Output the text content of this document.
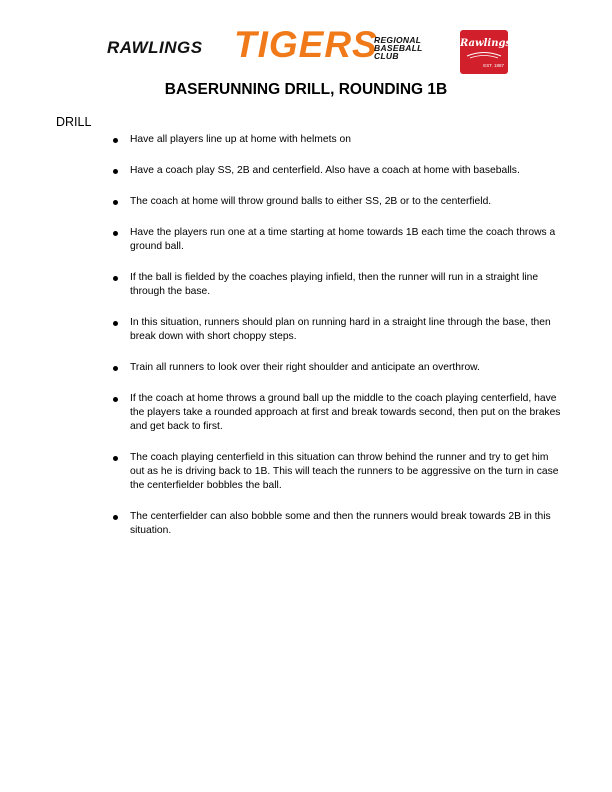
RAWLINGS TIGERS
REGIONAL
BASEBALL
CLUB
Rawlings
EST. 1887
BASERUNNING DRILL, ROUNDING 1B
DRILL
Have all players line up at home with helmets on
Have a coach play SS, 2B and centerfield. Also have a coach at home with baseballs.
The coach at home will throw ground balls to either SS, 2B or to the centerfield.
Have the players run one at a time starting at home towards 1B each time the coach throws a ground ball.
If the ball is fielded by the coaches playing infield, then the runner will run in a straight line through the base.
In this situation, runners should plan on running hard in a straight line through the base, then break down with short choppy steps.
Train all runners to look over their right shoulder and anticipate an overthrow.
If the coach at home throws a ground ball up the middle to the coach playing centerfield, have the players take a rounded approach at first and break towards second, then put on the brakes and get back to first.
The coach playing centerfield in this situation can throw behind the runner and try to get him out as he is driving back to 1B. This will teach the runners to be aggressive on the turn in case the centerfielder bobbles the ball.
The centerfielder can also bobble some and then the runners would break towards 2B in this situation.
